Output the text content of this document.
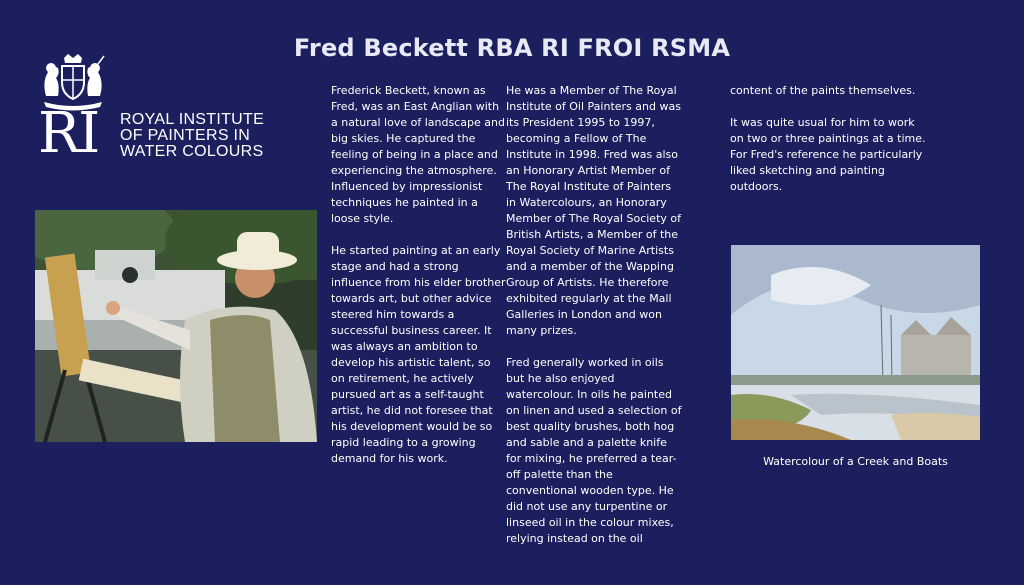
Fred Beckett RBA RI FROI RSMA
RI ROYAL INSTITUTE
OF PAINTERS IN
WATER COLOURS

Frederick Beckett, known as Fred, was an East Anglian with a natural love of landscape and big skies. He captured the feeling of being in a place and experiencing the atmosphere. Influenced by impressionist techniques he painted in a loose style.

He started painting at an early stage and had a strong influence from his elder brother towards art, but other advice steered him towards a successful business career. It was always an ambition to develop his artistic talent, so on retirement, he actively pursued art as a self-taught artist, he did not foresee that his development would be so rapid leading to a growing demand for his work.

He was a Member of The Royal Institute of Oil Painters and was its President 1995 to 1997, becoming a Fellow of The Institute in 1998. Fred was also an Honorary Artist Member of The Royal Institute of Painters in Watercolours, an Honorary Member of The Royal Society of British Artists, a Member of the Royal Society of Marine Artists and a member of the Wapping Group of Artists. He therefore exhibited regularly at the Mall Galleries in London and won many prizes.

Fred generally worked in oils but he also enjoyed watercolour. In oils he painted on linen and used a selection of best quality brushes, both hog and sable and a palette knife for mixing, he preferred a tear-off palette than the conventional wooden type. He did not use any turpentine or linseed oil in the colour mixes, relying instead on the oil

content of the paints themselves.

It was quite usual for him to work on two or three paintings at a time. For Fred's reference he particularly liked sketching and painting outdoors.

Watercolour of a Creek and Boats
